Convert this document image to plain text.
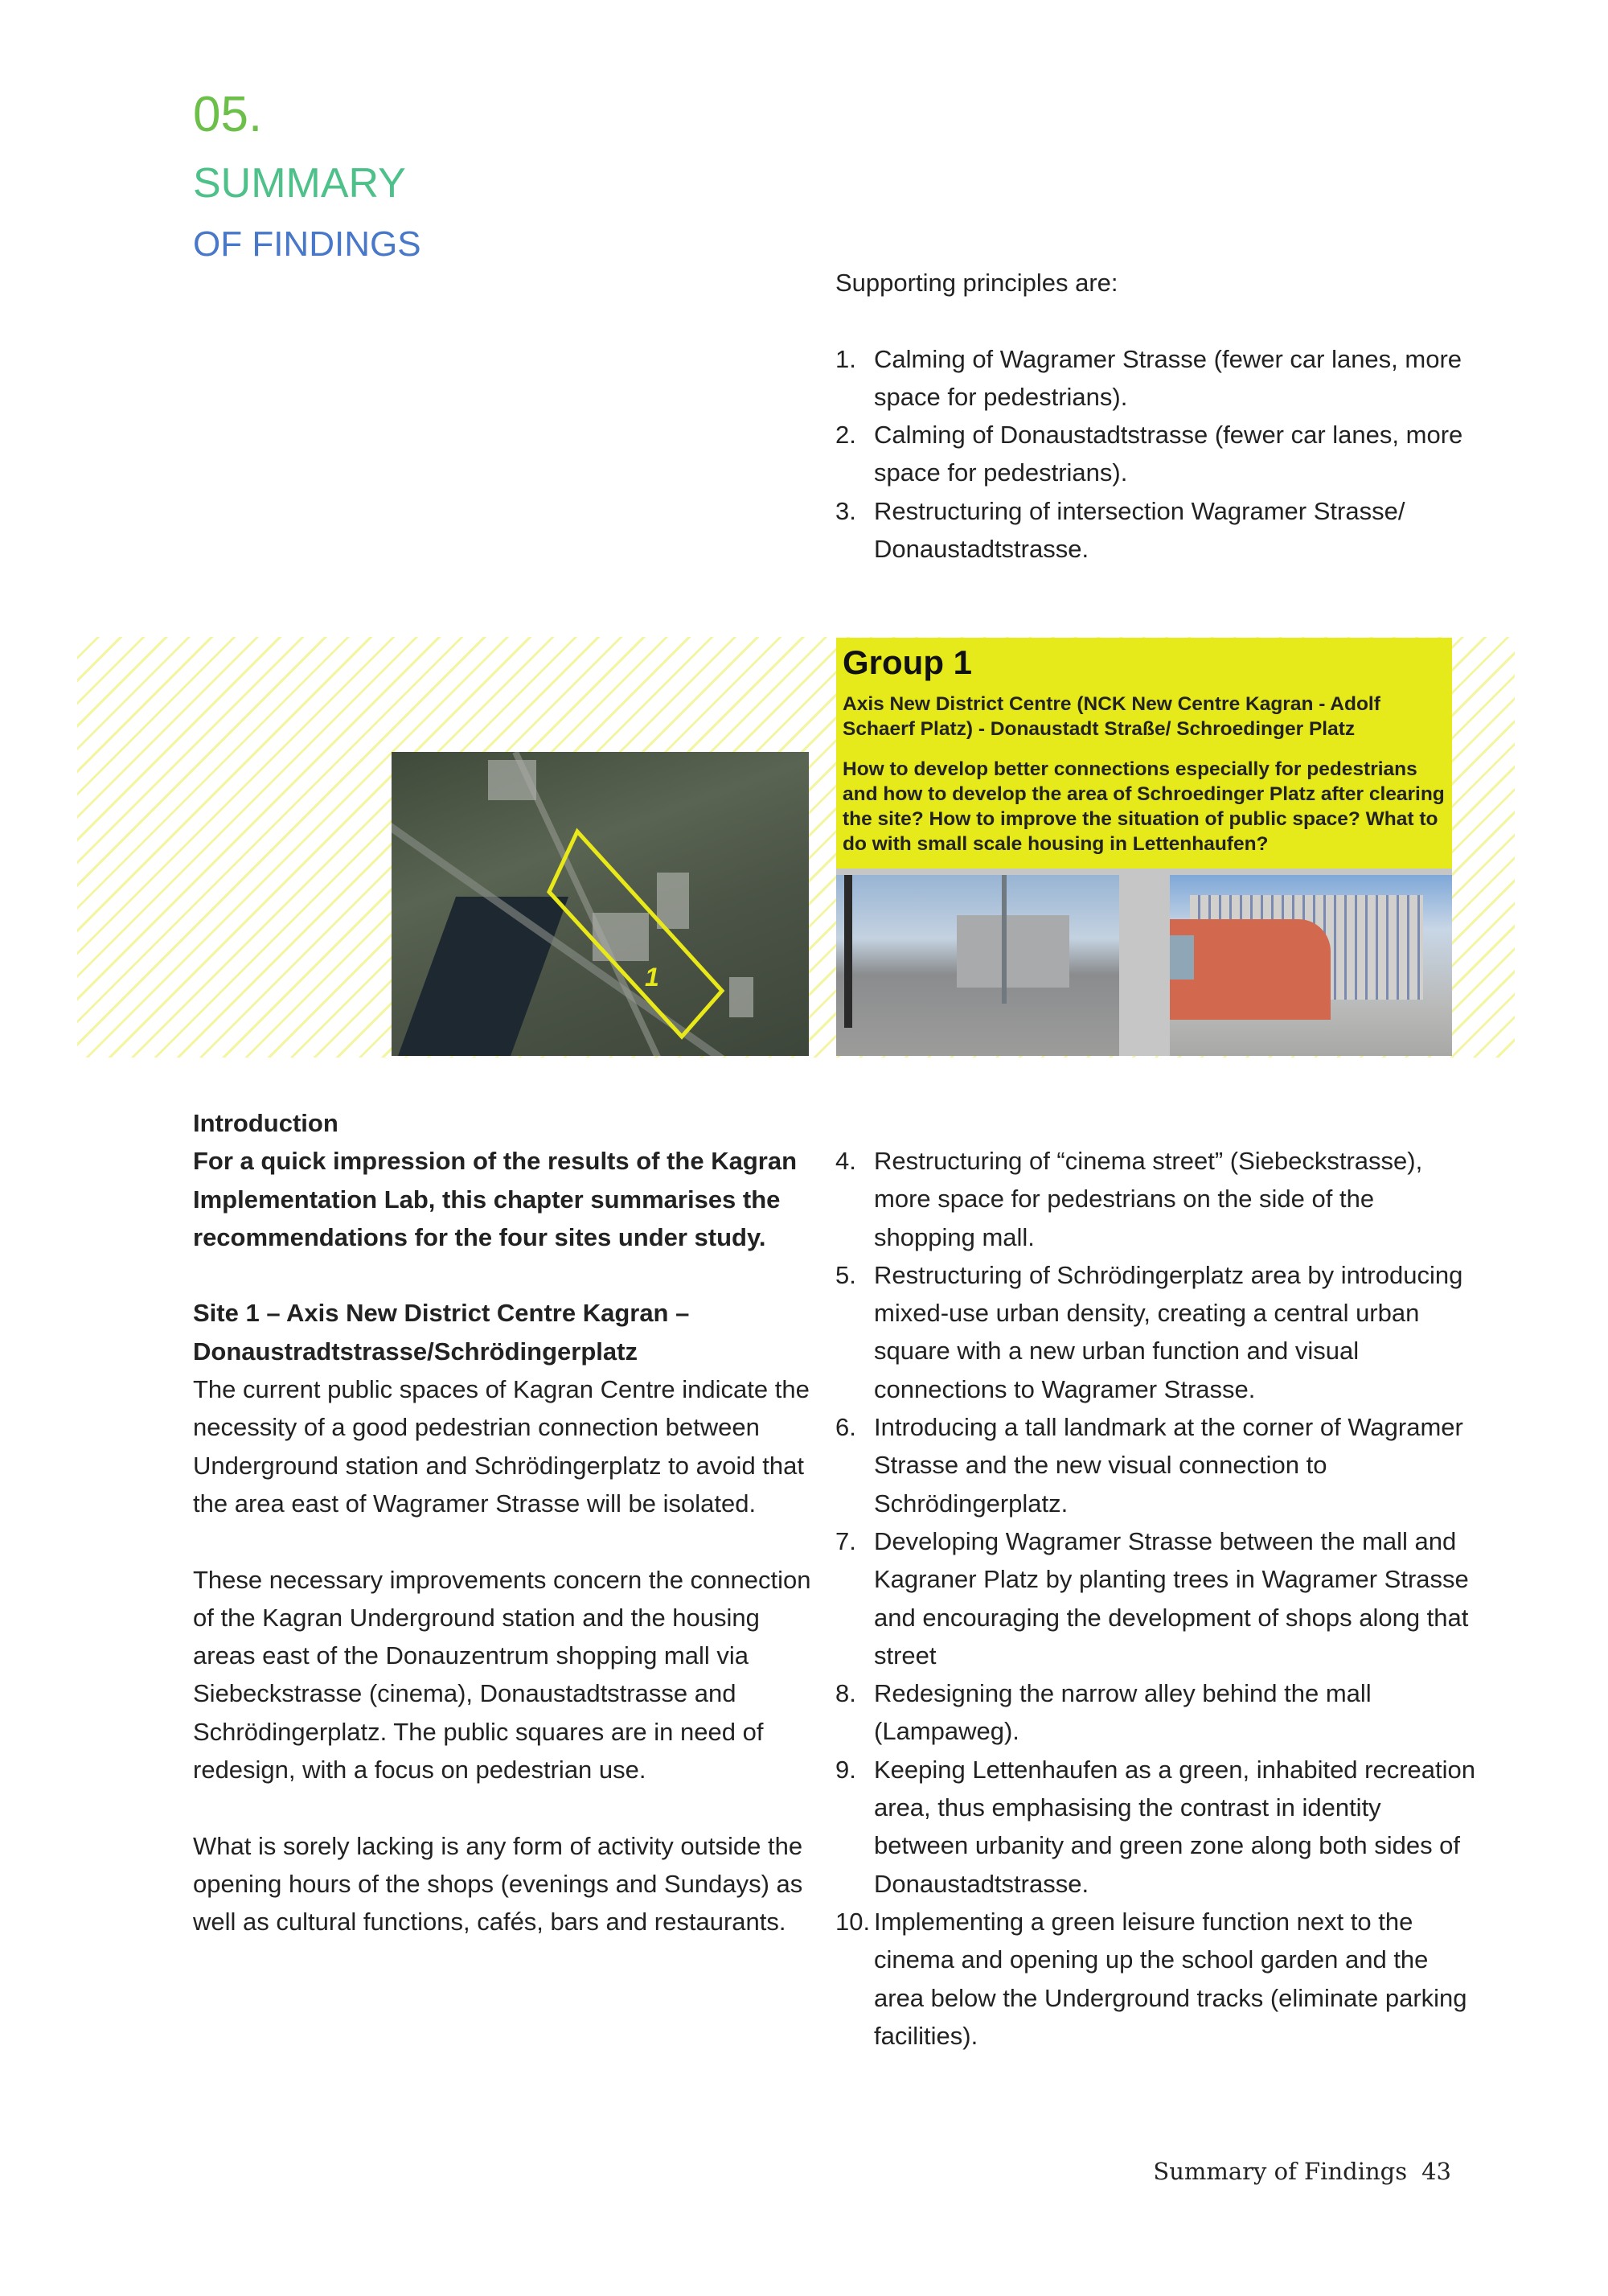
05.
SUMMARY
OF FINDINGS

Supporting principles are:

1. Calming of Wagramer Strasse (fewer car lanes, more space for pedestrians).
2. Calming of Donaustadtstrasse (fewer car lanes, more space for pedestrians).
3. Restructuring of intersection Wagramer Strasse/ Donaustadtstrasse.
1
Group 1
Axis New District Centre (NCK New Centre Kagran - Adolf Schaerf Platz) - Donaustadt Straße/ Schroedinger Platz
How to develop better connections especially for pedestrians and how to develop the area of Schroedinger Platz after clearing the site? How to improve the situation of public space? What to do with small scale housing in Lettenhaufen?

Introduction

For a quick impression of the results of the Kagran Implementation Lab, this chapter summarises the recommendations for the four sites under study.

Site 1 – Axis New District Centre Kagran – Donaustradtstrasse/Schrödingerplatz

The current public spaces of Kagran Centre indicate the necessity of a good pedestrian connection between Underground station and Schrödingerplatz to avoid that the area east of Wagramer Strasse will be isolated.

These necessary improvements concern the connection of the Kagran Underground station and the housing areas east of the Donauzentrum shopping mall via Siebeckstrasse (cinema), Donaustadtstrasse and Schrödingerplatz. The public squares are in need of redesign, with a focus on pedestrian use.

What is sorely lacking is any form of activity outside the opening hours of the shops (evenings and Sundays) as well as cultural functions, cafés, bars and restaurants.

4. Restructuring of “cinema street” (Siebeckstrasse), more space for pedestrians on the side of the shopping mall.
5. Restructuring of Schrödingerplatz area by introducing mixed-use urban density, creating a central urban square with a new urban function and visual connections to Wagramer Strasse.
6. Introducing a tall landmark at the corner of Wagramer Strasse and the new visual connection to Schrödingerplatz.
7. Developing Wagramer Strasse between the mall and Kagraner Platz by planting trees in Wagramer Strasse and encouraging the development of shops along that street
8. Redesigning the narrow alley behind the mall (Lampaweg).
9. Keeping Lettenhaufen as a green, inhabited recreation area, thus emphasising the contrast in identity between urbanity and green zone along both sides of Donaustadtstrasse.
10. Implementing a green leisure function next to the cinema and opening up the school garden and the area below the Underground tracks (eliminate parking facilities).
Summary of Findings 43
